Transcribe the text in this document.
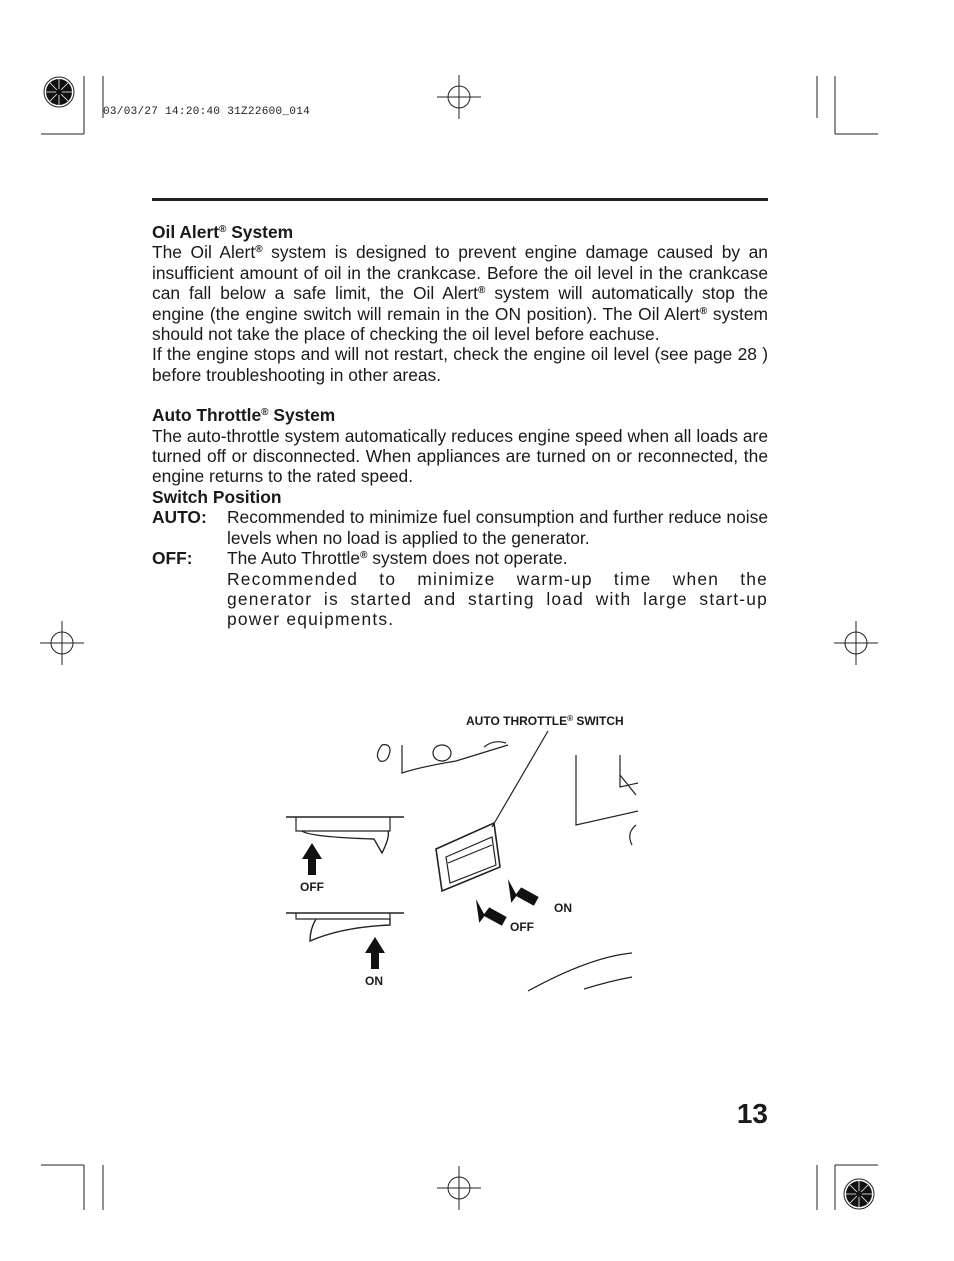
03/03/27 14:20:40 31Z22600_014
Oil Alert® System
The Oil Alert® system is designed to prevent engine damage caused by an insufficient amount of oil in the crankcase. Before the oil level in the crankcase can fall below a safe limit, the Oil Alert® system will automatically stop the engine (the engine switch will remain in the ON position). The Oil Alert® system should not take the place of checking the oil level before eachuse.
If the engine stops and will not restart, check the engine oil level (see page 28 ) before troubleshooting in other areas.
Auto Throttle® System
The auto-throttle system automatically reduces engine speed when all loads are turned off or disconnected. When appliances are turned on or reconnected, the engine returns to the rated speed.
Switch Position
AUTO:	Recommended to minimize fuel consumption and further reduce noise levels when no load is applied to the generator.
OFF:	The Auto Throttle® system does not operate.
Recommended to minimize warm-up time when the generator is started and starting load with large start-up power equipments.
AUTO THROTTLE® SWITCH
OFF
ON
ON
OFF
13
